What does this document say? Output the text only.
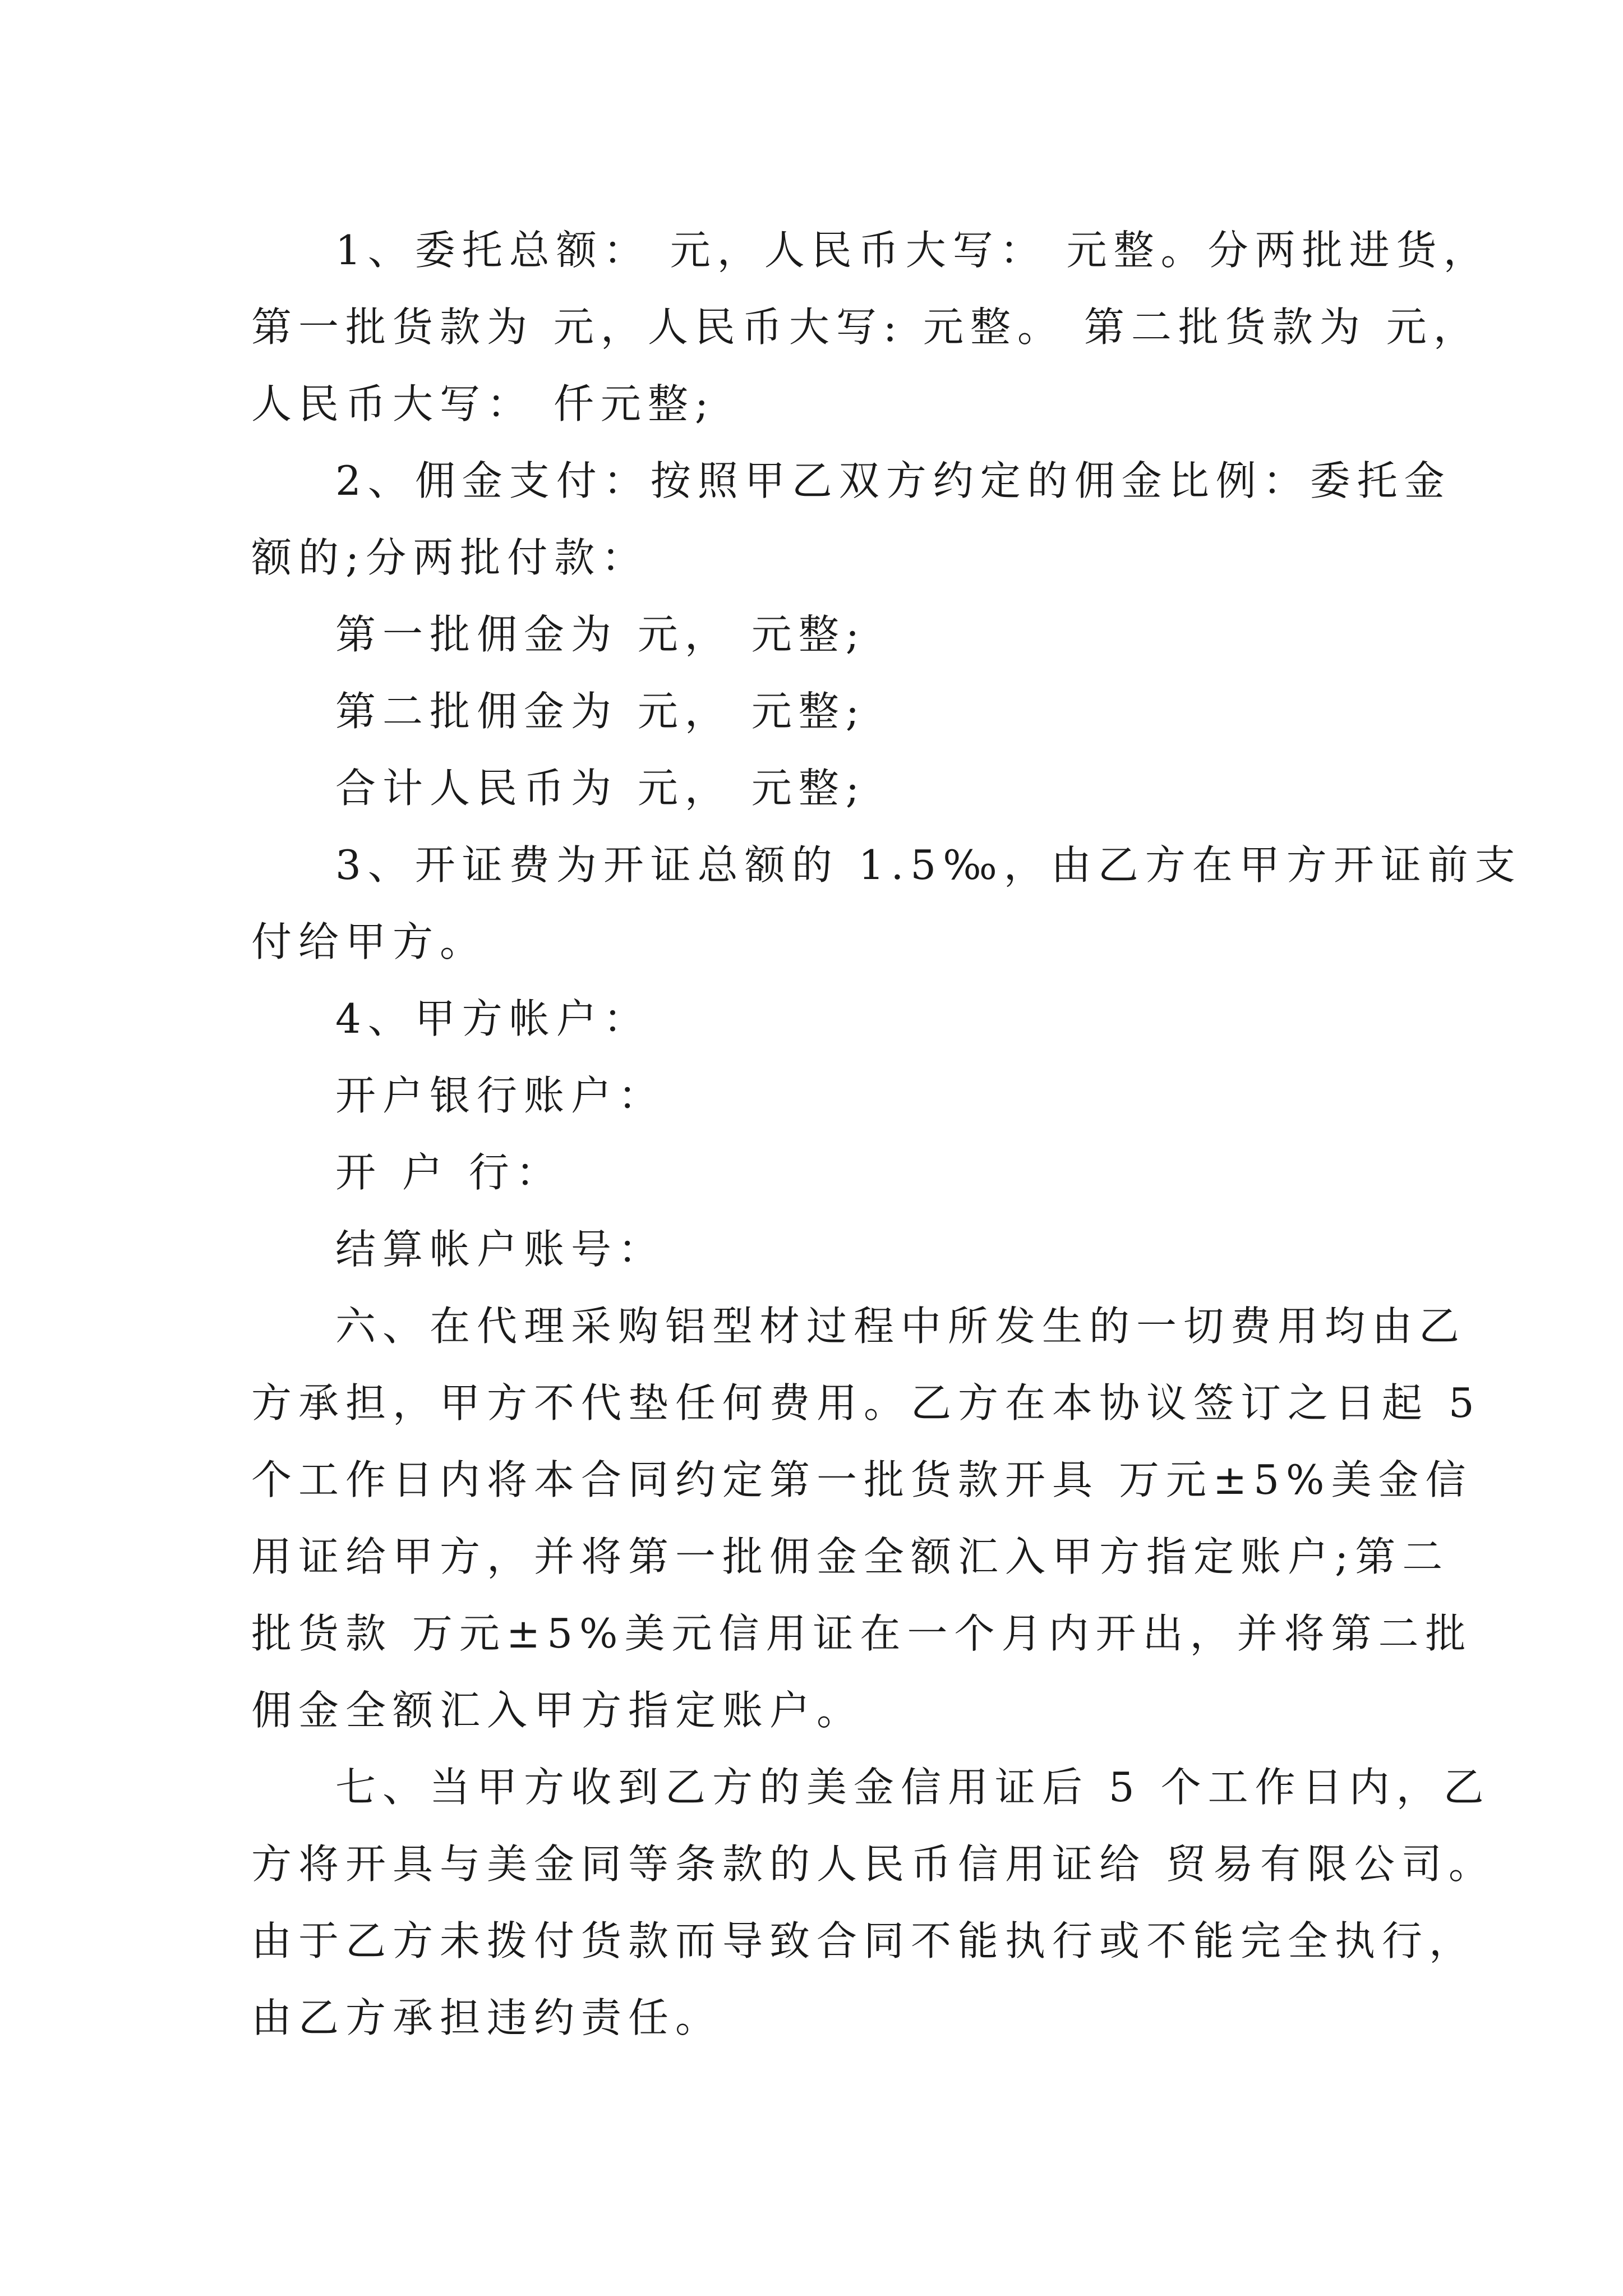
1、委托总额： 元，人民币大写： 元整。分两批进货，

第一批货款为 元，人民币大写: 元整。 第二批货款为 元，

人民币大写： 仟元整;

2、佣金支付：按照甲乙双方约定的佣金比例：委托金

额的;分两批付款：

第一批佣金为 元， 元整;

第二批佣金为 元， 元整;

合计人民币为 元， 元整;

3、开证费为开证总额的 1.5‰，由乙方在甲方开证前支

付给甲方。

4、甲方帐户：

开户银行账户：

开 户 行：

结算帐户账号：

六、在代理采购铝型材过程中所发生的一切费用均由乙

方承担，甲方不代垫任何费用。乙方在本协议签订之日起 5

个工作日内将本合同约定第一批货款开具 万元±5%美金信

用证给甲方，并将第一批佣金全额汇入甲方指定账户;第二

批货款 万元±5%美元信用证在一个月内开出，并将第二批

佣金全额汇入甲方指定账户。

七、当甲方收到乙方的美金信用证后 5 个工作日内，乙

方将开具与美金同等条款的人民币信用证给 贸易有限公司。

由于乙方未拨付货款而导致合同不能执行或不能完全执行，

由乙方承担违约责任。
